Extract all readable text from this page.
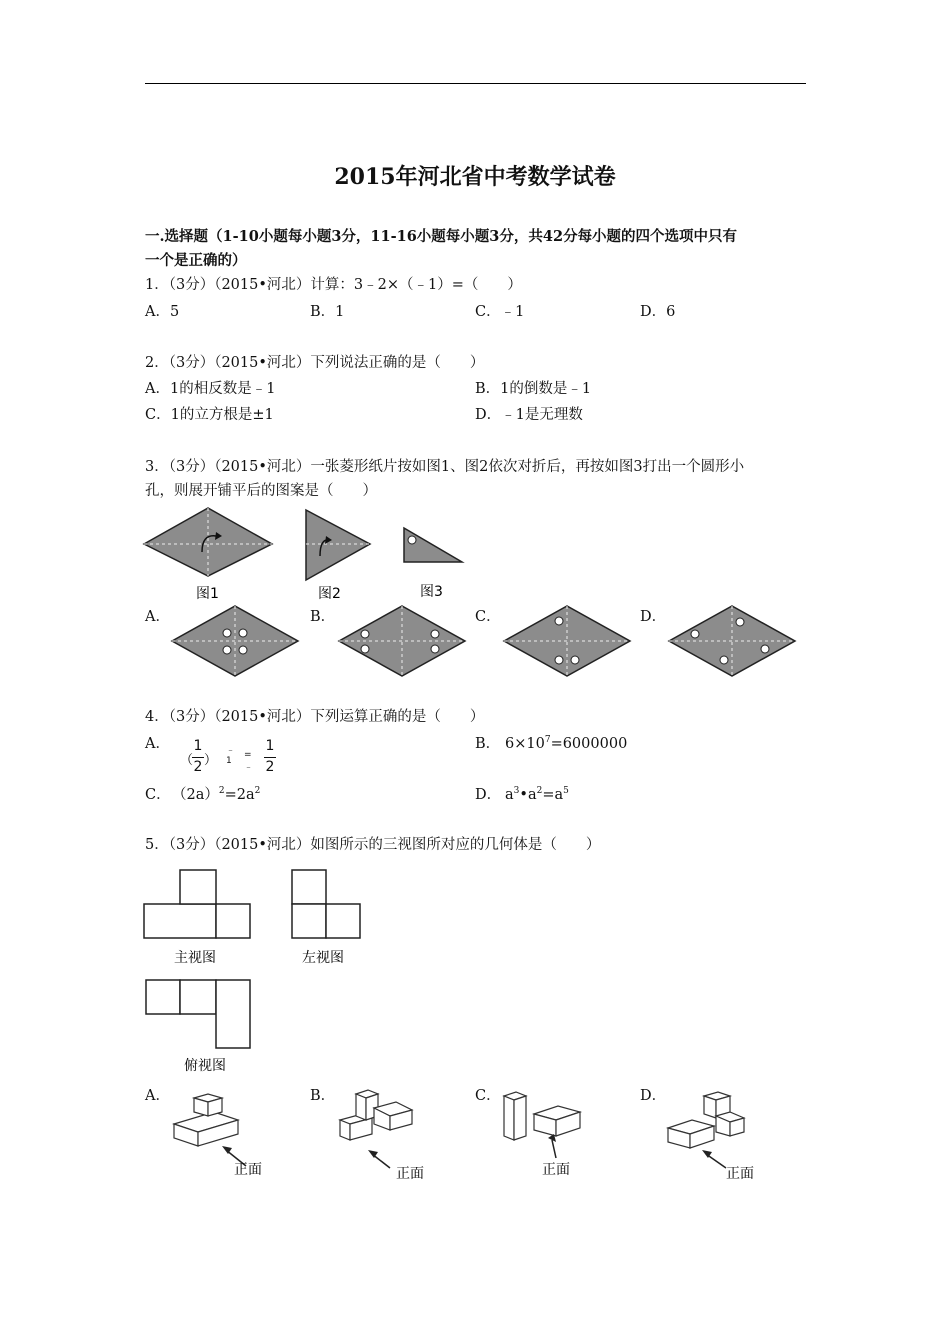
2015年河北省中考数学试卷
一.选择题（1-10小题每小题3分，11-16小题每小题3分，共42分每小题的四个选项中只有
一个是正确的）
1．（3分）（2015•河北）计算：3﹣2×（﹣1）=（　　）
A．5	B．1	C．﹣1	D．6
2．（3分）（2015•河北）下列说法正确的是（　　）
A．1的相反数是﹣1	B．1的倒数是﹣1
C．1的立方根是±1	D．﹣1是无理数
3．（3分）（2015•河北）一张菱形纸片按如图1、图2依次对折后，再按如图3打出一个圆形小
孔，则展开铺平后的图案是（　　）
图1	图2	图3
A．	B．	C．	D．
4．（3分）（2015•河北）下列运算正确的是（　　）
A．
（
1
2 ）
﹣1
=﹣
1
2
B． $6\times 10^7=6000000$
C． $(2a)^2=2a^2$	D． $a^3•a^2=a^5$
5．（3分）（2015•河北）如图所示的三视图所对应的几何体是（　　）
主视图	左视图
俯视图
A．	B．	C．	D．
正面	正面	正面	正面
